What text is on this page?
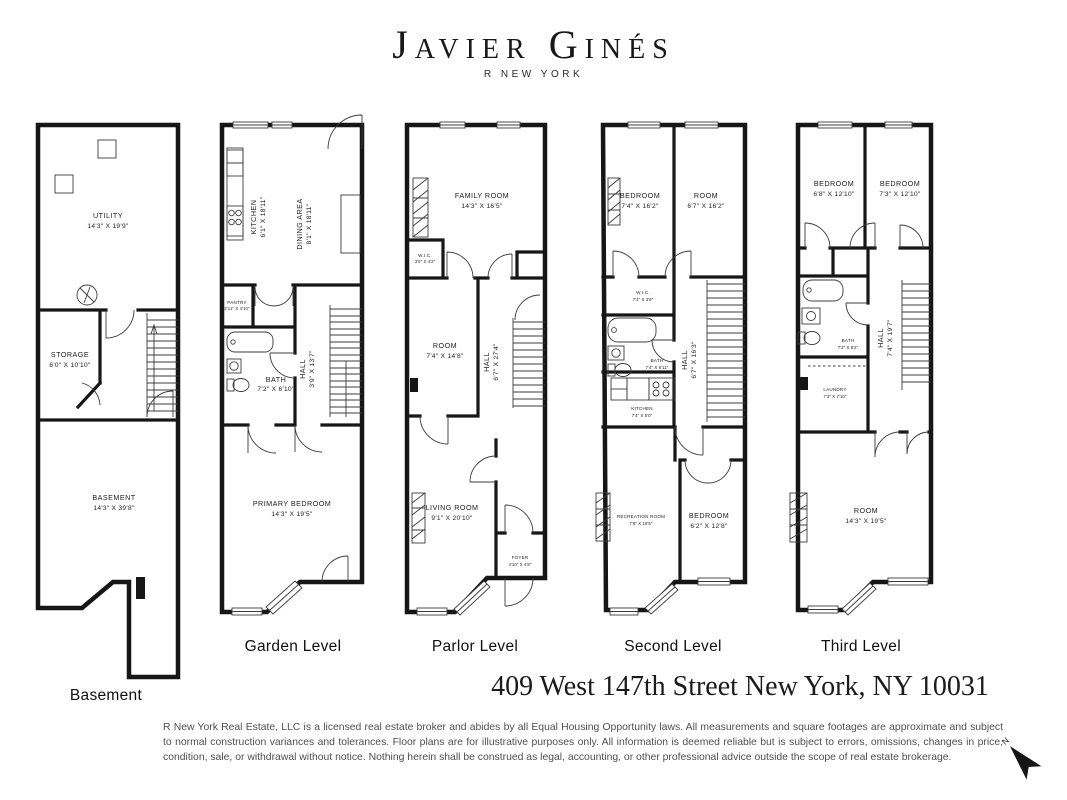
Javier Ginés
R NEW YORK
UTILITY
14'3" X 19'9"
STORAGE
6'0" X 10'10"
BASEMENT
14'3" X 39'8"
KITCHEN 6'1" X 18'11"	DINING AREA 8'1" X 18'11"
PANTRY
2'11" X 4'10"
BATH
7'2" X 6'10"
HALL 3'9" X 13'7"
PRIMARY BEDROOM
14'3" X 19'5"
FAMILY ROOM
14'3" X 16'5"
W.I.C.
3'5" X 4'2"
ROOM
7'4" X 14'8"	HALL 6'7" X 27'4"
LIVING ROOM
9'1" X 20'10"
FOYER
4'10" X 4'8"
BEDROOM
7'4" X 16'2"
ROOM
6'7" X 16'2"
W.I.C.
7'4" X 3'8"
BATH
7'4" X 6'11" HALL 6'7" X 16'3"
KITCHEN
7'4" X 5'0"
RECREATION ROOM
7'9" X 19'5"
BEDROOM
6'2" X 12'8"
BEDROOM
6'8" X 12'10"
BEDROOM
7'3" X 12'10"
BATH
7'3" X 8'2" HALL 7'4" X 19'7"
LAUNDRY
7'3" X 7'10"
ROOM
14'3" X 19'5"
Basement
Garden Level	Parlor Level	Second Level	Third Level
409 West 147th Street New York, NY 10031
R New York Real Estate, LLC is a licensed real estate broker and abides by all Equal Housing Opportunity laws. All measurements and square footages are approximate and subject to normal construction variances and tolerances. Floor plans are for illustrative purposes only. All information is deemed reliable but is subject to errors, omissions, changes in price, condition, sale, or withdrawal without notice. Nothing herein shall be construed as legal, accounting, or other professional advice outside the scope of real estate brokerage.
N
